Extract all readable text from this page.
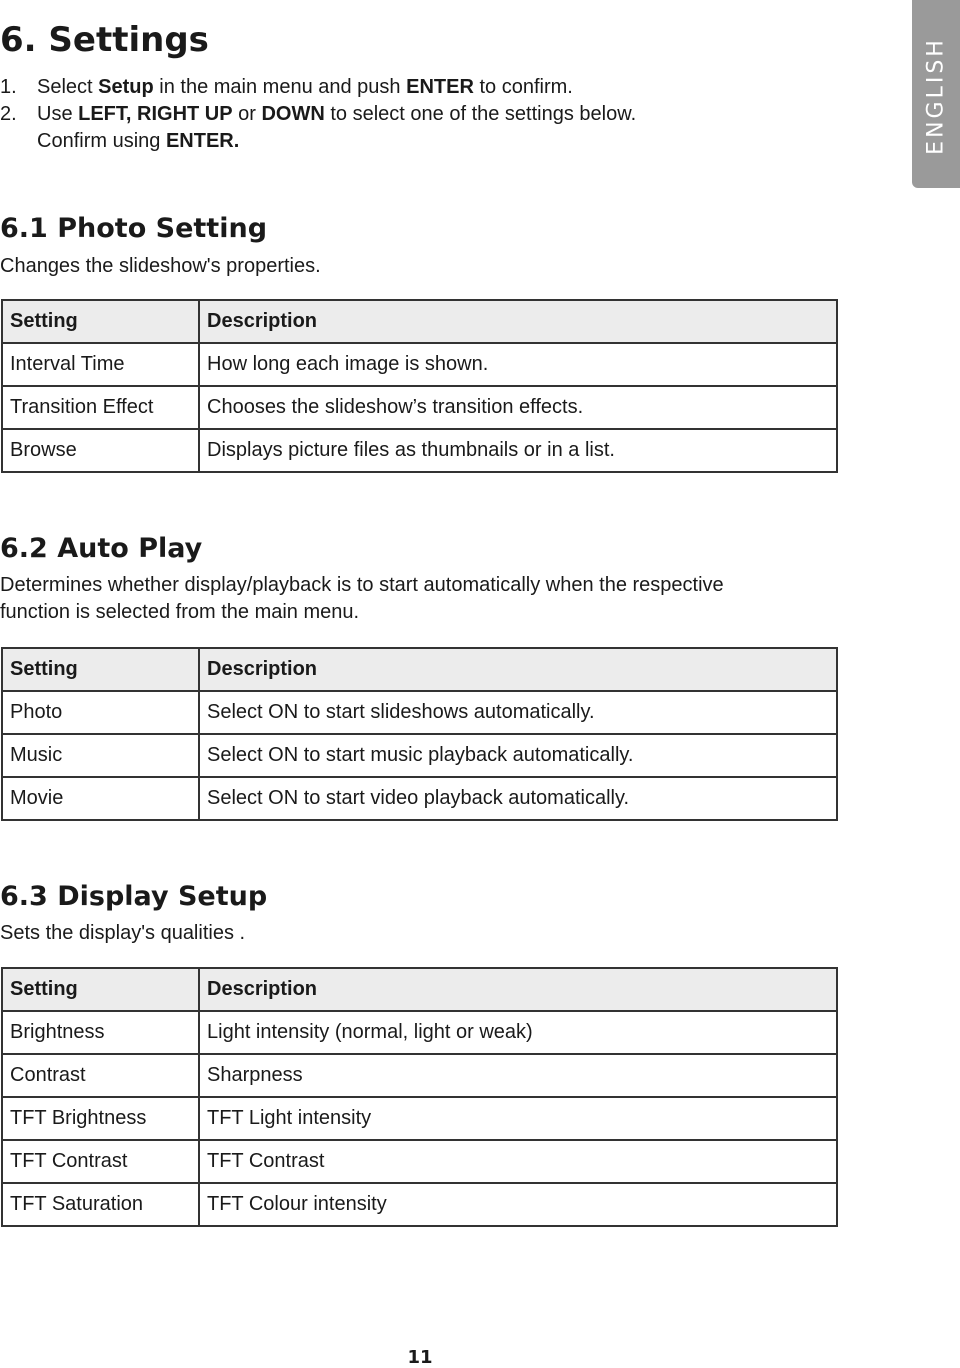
ENGLISH
6. Settings
1. Select Setup in the main menu and push ENTER to confirm.
2. Use LEFT, RIGHT UP or DOWN to select one of the settings below.
Confirm using ENTER.
6.1 Photo Setting

Changes the slideshow's properties.

Setting	Description
Interval Time	How long each image is shown.
Transition Effect	Chooses the slideshow’s transition effects.
Browse	Displays picture files as thumbnails or in a list.
6.2 Auto Play

Determines whether display/playback is to start automatically when the respective
function is selected from the main menu.

Setting	Description
Photo	Select ON to start slideshows automatically.
Music	Select ON to start music playback automatically.
Movie	Select ON to start video playback automatically.
6.3 Display Setup

Sets the display's qualities .

Setting	Description
Brightness	Light intensity (normal, light or weak)
Contrast	Sharpness
TFT Brightness	TFT Light intensity
TFT Contrast	TFT Contrast
TFT Saturation	TFT Colour intensity
11
